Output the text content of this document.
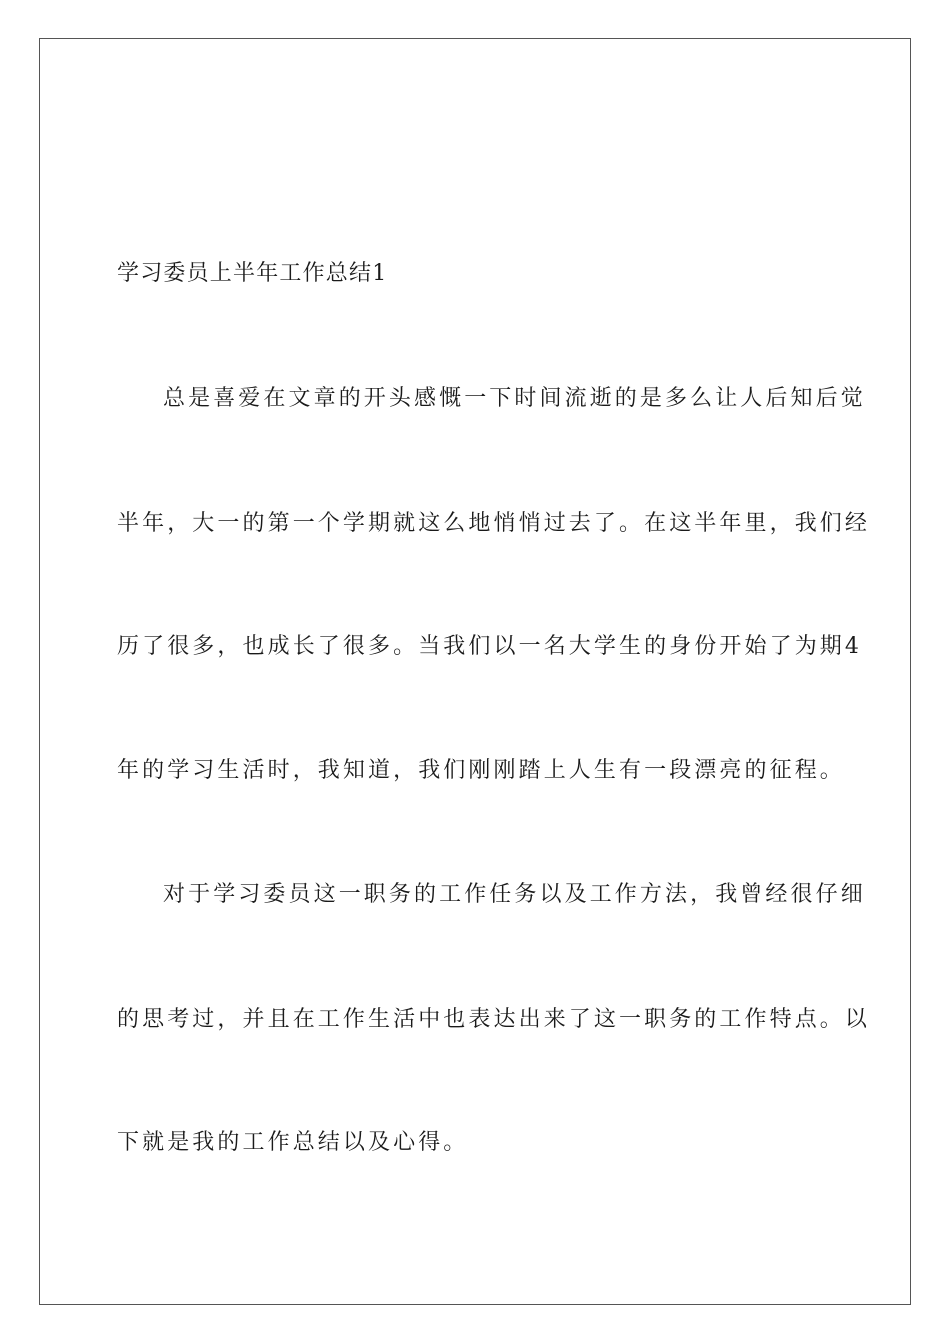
学习委员上半年工作总结1
总是喜爱在文章的开头感慨一下时间流逝的是多么让人后知后觉
半年，大一的第一个学期就这么地悄悄过去了。在这半年里，我们经
历了很多，也成长了很多。当我们以一名大学生的身份开始了为期4
年的学习生活时，我知道，我们刚刚踏上人生有一段漂亮的征程。
对于学习委员这一职务的工作任务以及工作方法，我曾经很仔细
的思考过，并且在工作生活中也表达出来了这一职务的工作特点。以
下就是我的工作总结以及心得。
